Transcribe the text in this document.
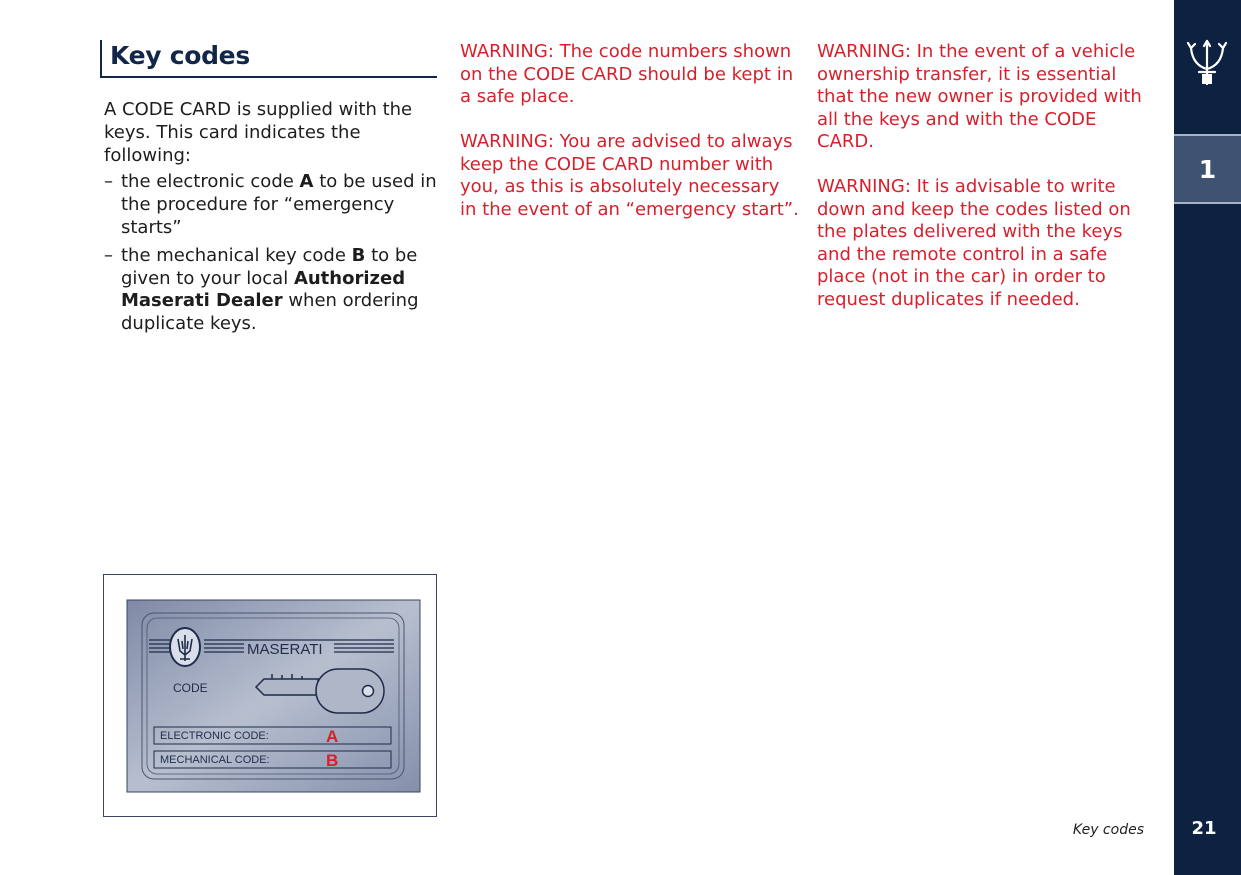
Key codes

A CODE CARD is supplied with the keys. This card indicates the following:

– the electronic code A to be used in the procedure for “emergency starts”
– the mechanical key code B to be given to your local Authorized Maserati Dealer when ordering duplicate keys.

WARNING: The code numbers shown on the CODE CARD should be kept in a safe place.

WARNING: You are advised to always keep the CODE CARD number with you, as this is absolutely necessary in the event of an “emergency start”.

WARNING: In the event of a vehicle ownership transfer, it is essential that the new owner is provided with all the keys and with the CODE CARD.

WARNING: It is advisable to write down and keep the codes listed on the plates delivered with the keys and the remote control in a safe place (not in the car) in order to request duplicates if needed.

MASERATI
CODE
ELECTRONIC CODE:
MECHANICAL CODE:
A
B
1
21
Key codes
